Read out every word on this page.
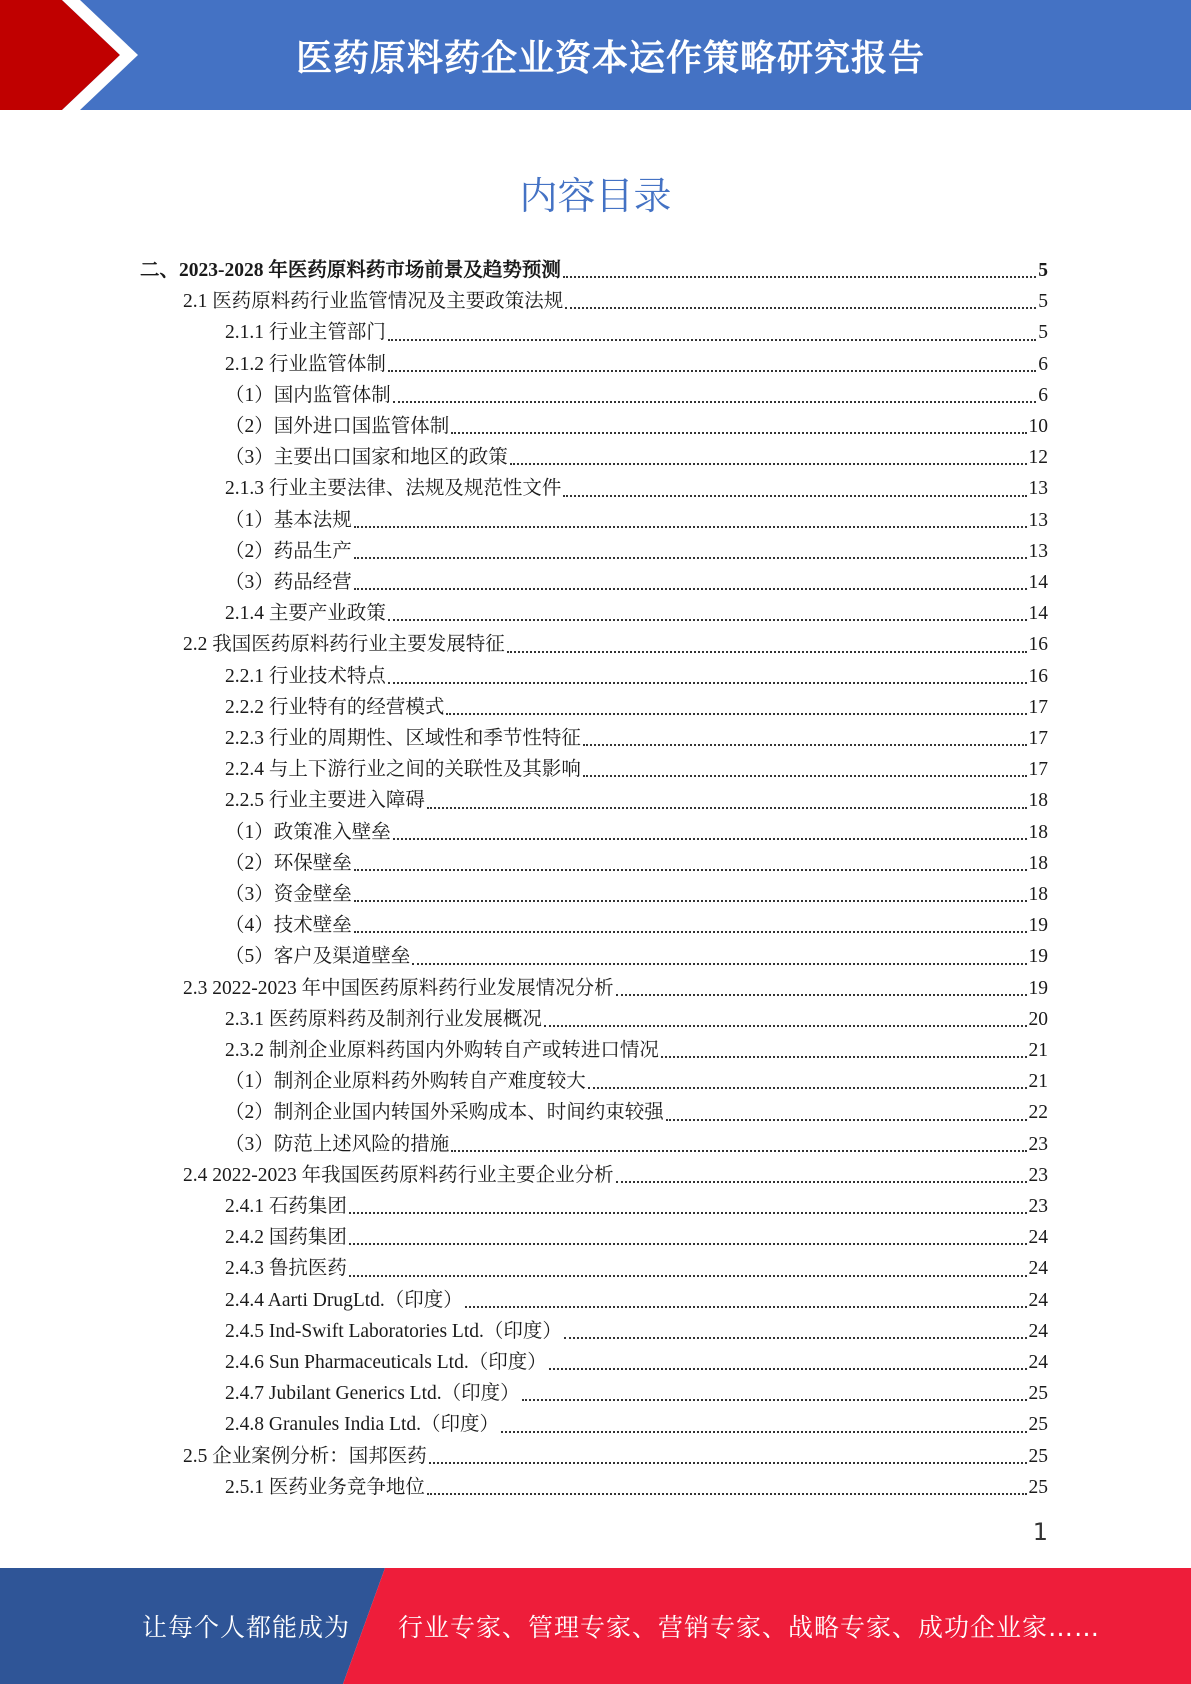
医药原料药企业资本运作策略研究报告
内容目录
二、2023-2028 年医药原料药市场前景及趋势预测	5
2.1 医药原料药行业监管情况及主要政策法规	5
2.1.1 行业主管部门	5
2.1.2 行业监管体制	6
（1）国内监管体制	6
（2）国外进口国监管体制	10
（3）主要出口国家和地区的政策	12
2.1.3 行业主要法律、法规及规范性文件	13
（1）基本法规	13
（2）药品生产	13
（3）药品经营	14
2.1.4 主要产业政策	14
2.2 我国医药原料药行业主要发展特征	16
2.2.1 行业技术特点	16
2.2.2 行业特有的经营模式	17
2.2.3 行业的周期性、区域性和季节性特征	17
2.2.4 与上下游行业之间的关联性及其影响	17
2.2.5 行业主要进入障碍	18
（1）政策准入壁垒	18
（2）环保壁垒	18
（3）资金壁垒	18
（4）技术壁垒	19
（5）客户及渠道壁垒	19
2.3 2022-2023 年中国医药原料药行业发展情况分析	19
2.3.1 医药原料药及制剂行业发展概况	20
2.3.2 制剂企业原料药国内外购转自产或转进口情况	21
（1）制剂企业原料药外购转自产难度较大	21
（2）制剂企业国内转国外采购成本、时间约束较强	22
（3）防范上述风险的措施	23
2.4 2022-2023 年我国医药原料药行业主要企业分析	23
2.4.1 石药集团	23
2.4.2 国药集团	24
2.4.3 鲁抗医药	24
2.4.4 Aarti DrugLtd.（印度）	24
2.4.5 Ind-Swift Laboratories Ltd.（印度）	24
2.4.6 Sun Pharmaceuticals Ltd.（印度）	24
2.4.7 Jubilant Generics Ltd.（印度）	25
2.4.8 Granules India Ltd.（印度）	25
2.5 企业案例分析：国邦医药	25
2.5.1 医药业务竞争地位	25
1
让每个人都能成为 行业专家、管理专家、营销专家、战略专家、成功企业家……
